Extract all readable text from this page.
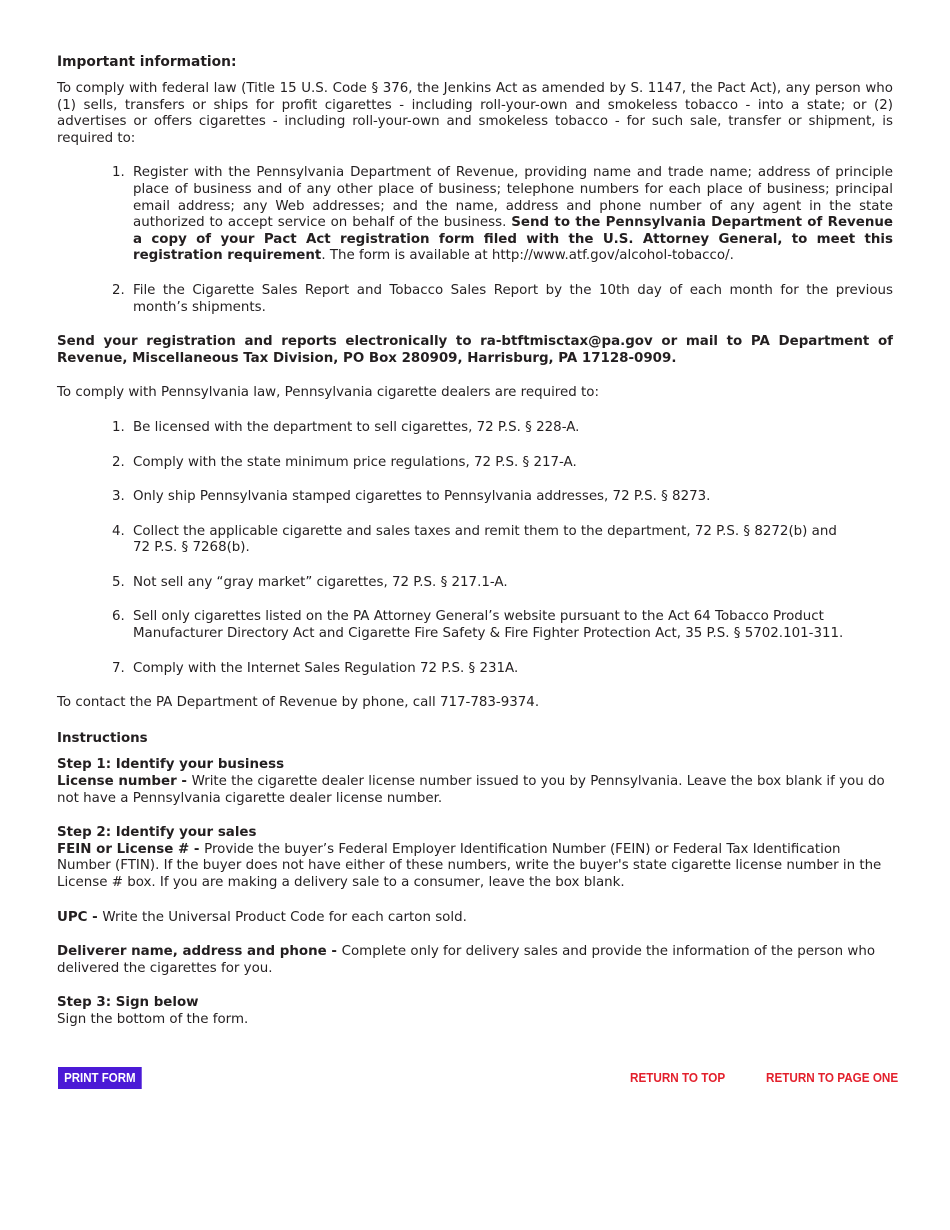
Important information:

To comply with federal law (Title 15 U.S. Code § 376, the Jenkins Act as amended by S. 1147, the Pact Act), any person who (1) sells, transfers or ships for profit cigarettes - including roll-your-own and smokeless tobacco - into a state; or (2) advertises or offers cigarettes - including roll-your-own and smokeless tobacco - for such sale, transfer or shipment, is required to:

1. Register with the Pennsylvania Department of Revenue, providing name and trade name; address of principle place of business and of any other place of business; telephone numbers for each place of business; principal email address; any Web addresses; and the name, address and phone number of any agent in the state authorized to accept service on behalf of the business. Send to the Pennsylvania Department of Revenue a copy of your Pact Act registration form filed with the U.S. Attorney General, to meet this registration requirement. The form is available at http://www.atf.gov/alcohol-tobacco/.

2. File the Cigarette Sales Report and Tobacco Sales Report by the 10th day of each month for the previous month’s shipments.

Send your registration and reports electronically to ra-btftmisctax@pa.gov or mail to PA Department of Revenue, Miscellaneous Tax Division, PO Box 280909, Harrisburg, PA 17128-0909.

To comply with Pennsylvania law, Pennsylvania cigarette dealers are required to:

1. Be licensed with the department to sell cigarettes, 72 P.S. § 228-A.

2. Comply with the state minimum price regulations, 72 P.S. § 217-A.

3. Only ship Pennsylvania stamped cigarettes to Pennsylvania addresses, 72 P.S. § 8273.

4. Collect the applicable cigarette and sales taxes and remit them to the department, 72 P.S. § 8272(b) and
72 P.S. § 7268(b).

5. Not sell any “gray market” cigarettes, 72 P.S. § 217.1-A.

6. Sell only cigarettes listed on the PA Attorney General’s website pursuant to the Act 64 Tobacco Product Manufacturer Directory Act and Cigarette Fire Safety & Fire Fighter Protection Act, 35 P.S. § 5702.101-311.

7. Comply with the Internet Sales Regulation 72 P.S. § 231A.

To contact the PA Department of Revenue by phone, call 717-783-9374.

Instructions

Step 1: Identify your business

License number - Write the cigarette dealer license number issued to you by Pennsylvania. Leave the box blank if you do not have a Pennsylvania cigarette dealer license number.

Step 2: Identify your sales

FEIN or License # - Provide the buyer’s Federal Employer Identification Number (FEIN) or Federal Tax Identification Number (FTIN). If the buyer does not have either of these numbers, write the buyer's state cigarette license number in the License # box. If you are making a delivery sale to a consumer, leave the box blank.

UPC - Write the Universal Product Code for each carton sold.

Deliverer name, address and phone - Complete only for delivery sales and provide the information of the person who delivered the cigarettes for you.

Step 3: Sign below

Sign the bottom of the form.

PRINT FORM	RETURN TO TOP	RETURN TO PAGE ONE
